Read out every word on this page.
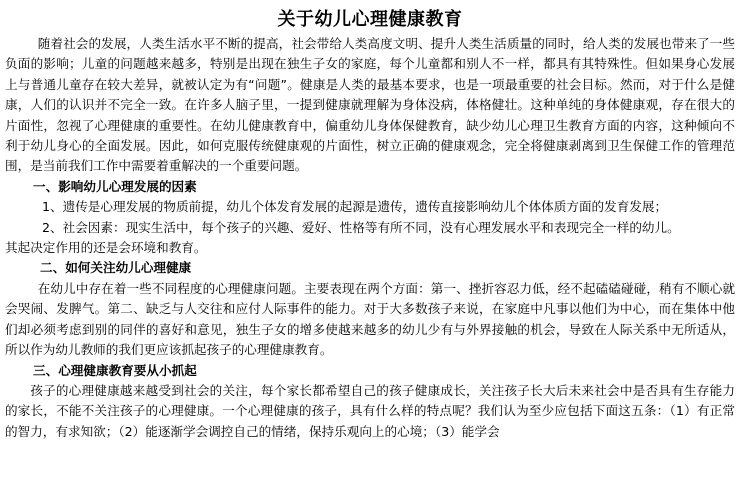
关于幼儿心理健康教育

随着社会的发展，人类生活水平不断的提高，社会带给人类高度文明、提升人类生活质量的同时，给人类的发展也带来了一些负面的影响；儿童的问题越来越多，特别是出现在独生子女的家庭，每个儿童都和别人不一样，都具有其特殊性。但如果身心发展上与普通儿童存在较大差异，就被认定为有“问题”。健康是人类的最基本要求，也是一项最重要的社会目标。然而，对于什么是健康，人们的认识并不完全一致。在许多人脑子里，一提到健康就理解为身体没病，体格健壮。这种单纯的身体健康观，存在很大的片面性，忽视了心理健康的重要性。在幼儿健康教育中，偏重幼儿身体保健教育，缺少幼儿心理卫生教育方面的内容，这种倾向不利于幼儿身心的全面发展。因此，如何克服传统健康观的片面性，树立正确的健康观念，完全将健康剥离到卫生保健工作的管理范围，是当前我们工作中需要着重解决的一个重要问题。

一、影响幼儿心理发展的因素

1、遗传是心理发展的物质前提，幼儿个体发育发展的起源是遗传，遗传直接影响幼儿个体体质方面的发育发展；

2、社会因素：现实生活中，每个孩子的兴趣、爱好、性格等有所不同，没有心理发展水平和表现完全一样的幼儿。

其起决定作用的还是会环境和教育。

二、如何关注幼儿心理健康

在幼儿中存在着一些不同程度的心理健康问题。主要表现在两个方面：第一、挫折容忍力低，经不起磕磕碰碰，稍有不顺心就会哭闹、发脾气。第二、缺乏与人交往和应付人际事件的能力。对于大多数孩子来说，在家庭中凡事以他们为中心，而在集体中他们却必须考虑到别的同伴的喜好和意见，独生子女的增多使越来越多的幼儿少有与外界接触的机会，导致在人际关系中无所适从，所以作为幼儿教师的我们更应该抓起孩子的心理健康教育。

三、心理健康教育要从小抓起

孩子的心理健康越来越受到社会的关注，每个家长都希望自己的孩子健康成长，关注孩子长大后未来社会中是否具有生存能力的家长，不能不关注孩子的心理健康。一个心理健康的孩子，具有什么样的特点呢？我们认为至少应包括下面这五条：（1）有正常的智力，有求知欲；（2）能逐渐学会调控自己的情绪，保持乐观向上的心境；（3）能学会
